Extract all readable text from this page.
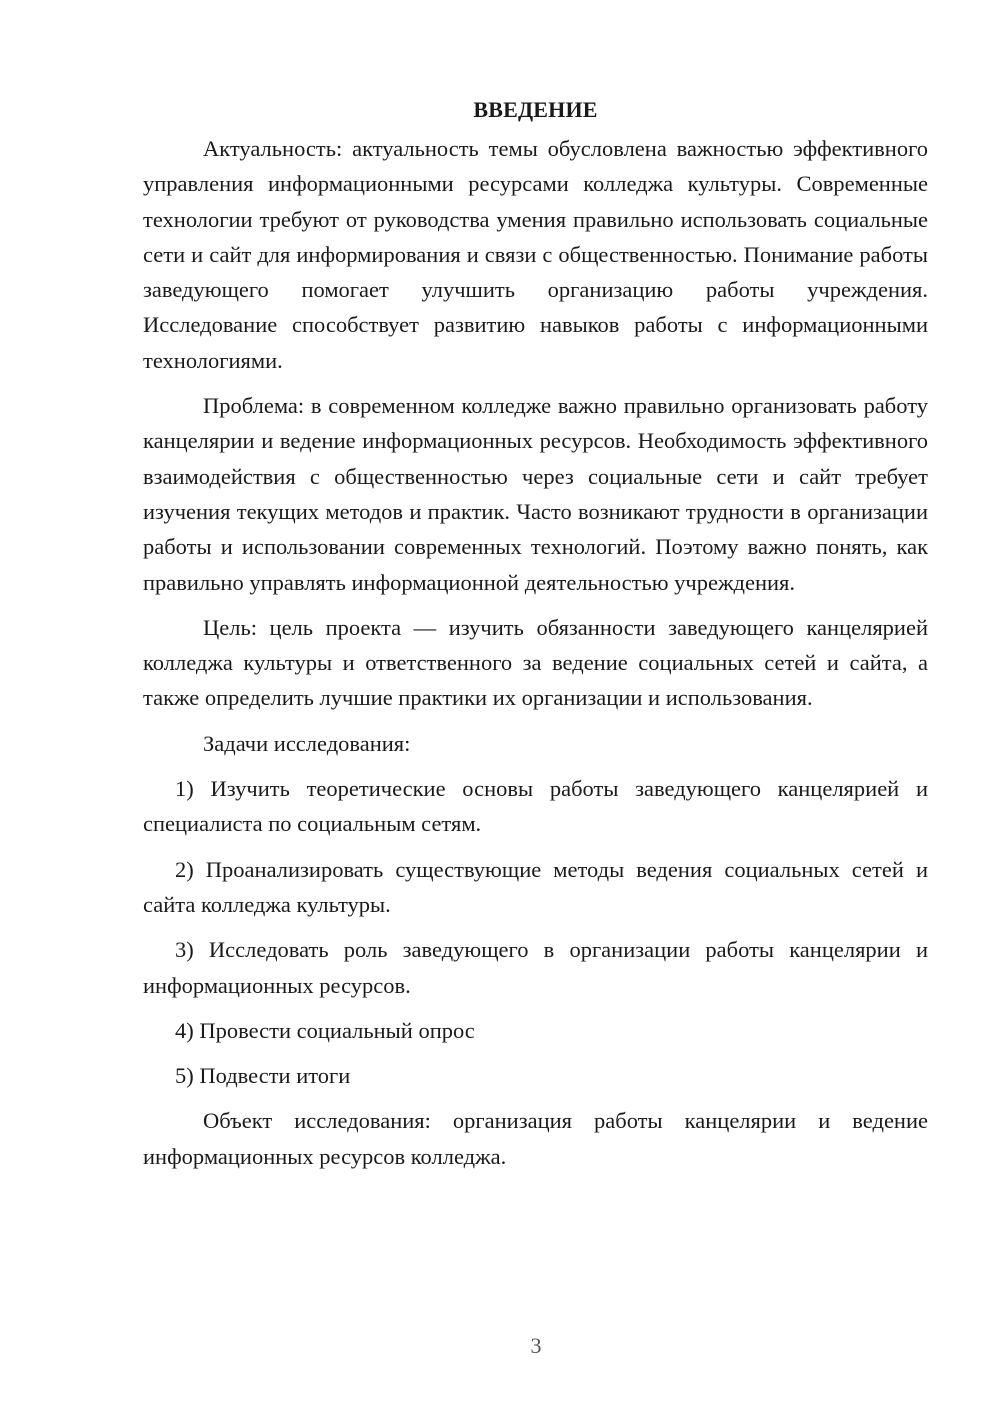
ВВЕДЕНИЕ

Актуальность: актуальность темы обусловлена важностью эффективного управления информационными ресурсами колледжа культуры. Современные технологии требуют от руководства умения правильно использовать социальные сети и сайт для информирования и связи с общественностью. Понимание работы заведующего помогает улучшить организацию работы учреждения. Исследование способствует развитию навыков работы с информационными технологиями.

Проблема: в современном колледже важно правильно организовать работу канцелярии и ведение информационных ресурсов. Необходимость эффективного взаимодействия с общественностью через социальные сети и сайт требует изучения текущих методов и практик. Часто возникают трудности в организации работы и использовании современных технологий. Поэтому важно понять, как правильно управлять информационной деятельностью учреждения.

Цель: цель проекта — изучить обязанности заведующего канцелярией колледжа культуры и ответственного за ведение социальных сетей и сайта, а также определить лучшие практики их организации и использования.

Задачи исследования:

1) Изучить теоретические основы работы заведующего канцелярией и специалиста по социальным сетям.

2) Проанализировать существующие методы ведения социальных сетей и сайта колледжа культуры.

3) Исследовать роль заведующего в организации работы канцелярии и информационных ресурсов.

4) Провести социальный опрос

5) Подвести итоги

Объект исследования: организация работы канцелярии и ведение информационных ресурсов колледжа.

3
